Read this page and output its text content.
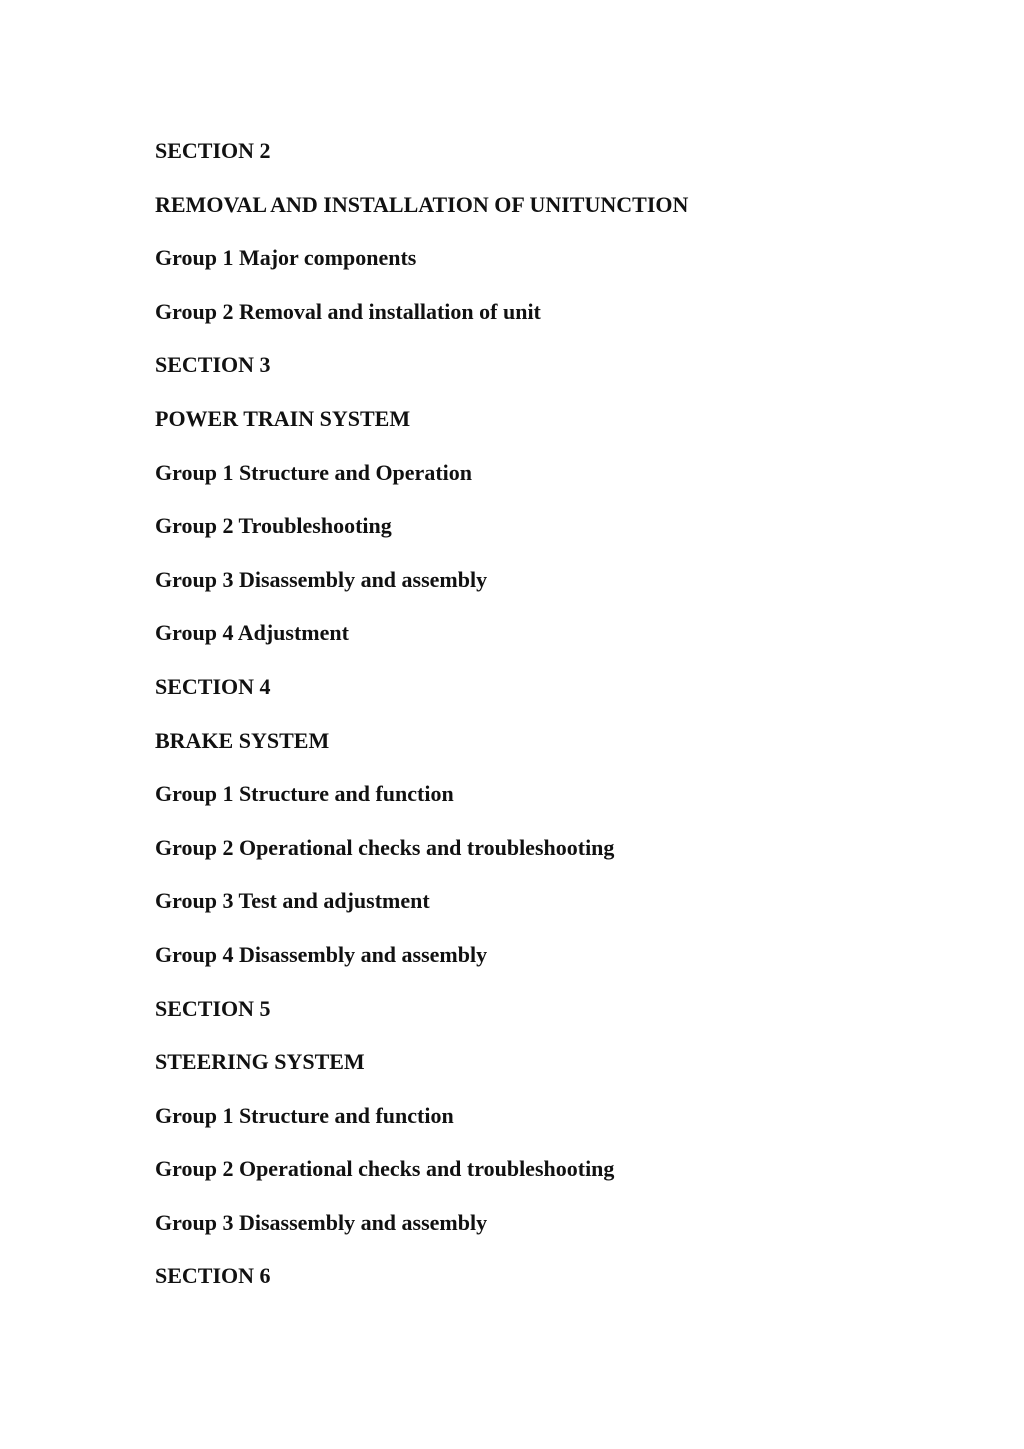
SECTION 2
REMOVAL AND INSTALLATION OF UNITUNCTION
Group 1 Major components
Group 2 Removal and installation of unit
SECTION 3
POWER TRAIN SYSTEM
Group 1 Structure and Operation
Group 2 Troubleshooting
Group 3 Disassembly and assembly
Group 4 Adjustment
SECTION 4
BRAKE SYSTEM
Group 1 Structure and function
Group 2 Operational checks and troubleshooting
Group 3 Test and adjustment
Group 4 Disassembly and assembly
SECTION 5
STEERING SYSTEM
Group 1 Structure and function
Group 2 Operational checks and troubleshooting
Group 3 Disassembly and assembly
SECTION 6
